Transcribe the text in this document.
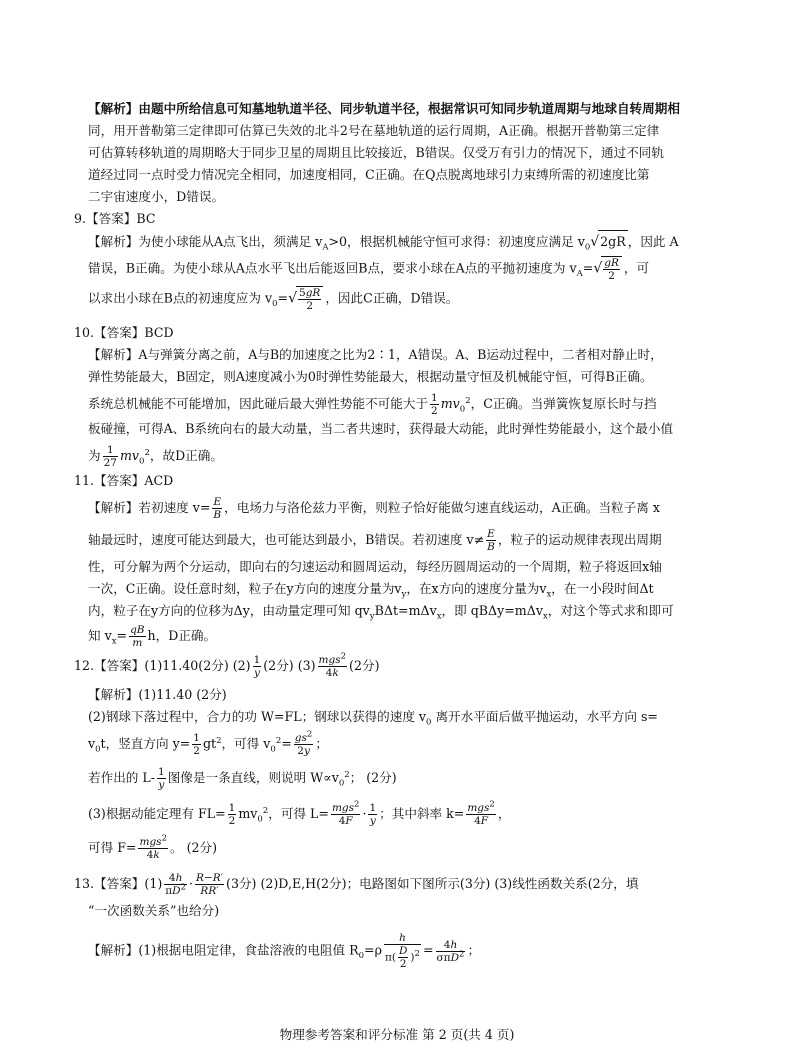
【解析】由题中所给信息可知墓地轨道半径、同步轨道半径，根据常识可知同步轨道周期与地球自转周期相
同，用开普勒第三定律即可估算已失效的北斗2号在墓地轨道的运行周期，A正确。根据开普勒第三定律
可估算转移轨道的周期略大于同步卫星的周期且比较接近，B错误。仅受万有引力的情况下，通过不同轨
道经过同一点时受力情况完全相同，加速度相同，C正确。在Q点脱离地球引力束缚所需的初速度比第
二宇宙速度小，D错误。
9.【答案】BC
【解析】为使小球能从A点飞出，须满足 $v_A>0$，根据机械能守恒可求得：初速度应满足 $v_0√2gR$ ，因此 A
错误，B正确。为使小球从A点水平飞出后能返回B点，要求小球在A点的平抛初速度为 $v_A=√ \frac{gR}{2}$ ，可
以求出小球在B点的初速度应为 $v_0=√ \frac{5gR}{2}$ ，因此C正确，D错误。
10.【答案】BCD
【解析】A与弹簧分离之前，A与B的加速度之比为2∶1，A错误。A、B运动过程中，二者相对静止时，
弹性势能最大，B固定，则A速度减小为0时弹性势能最大，根据动量守恒及机械能守恒，可得B正确。
系统总机械能不可能增加，因此碰后最大弹性势能不可能大于 $\frac{1}{2} mv_0^2$，C正确。当弹簧恢复原长时与挡
板碰撞，可得A、B系统向右的最大动量，当二者共速时，获得最大动能，此时弹性势能最小，这个最小值
为 $\frac{1}{27} mv_0^2$，故D正确。
11.【答案】ACD
【解析】若初速度 $v= \frac{E}{B}$ ，电场力与洛伦兹力平衡，则粒子恰好能做匀速直线运动，A正确。当粒子离 x
轴最远时，速度可能达到最大，也可能达到最小，B错误。若初速度 $v\ne \frac{E}{B}$ ，粒子的运动规律表现出周期
性，可分解为两个分运动，即向右的匀速运动和圆周运动，每经历圆周运动的一个周期，粒子将返回x轴
一次，C正确。设任意时刻，粒子在y方向的速度分量为$v_y$，在x方向的速度分量为$v_x$，在一小段时间Δt
内，粒子在y方向的位移为Δy，由动量定理可知 $qv_yB\Delta t=m\Delta v_x$，即 qBΔy=mΔv$_x$，对这个等式求和即可
知 $v_x= \frac{qB}{m}$ h，D正确。
12.【答案】(1)11.40(2分) $(2) \frac{1}{y} (2$分) (3) mgs$^2$
4k (2分)
【解析】(1)11.40 (2分)
(2)钢球下落过程中，合力的功 W=FL；钢球以获得的速度 $v_0$ 离开水平面后做平抛运动，水平方向 s=
$v_0t$，竖直方向 $y= \frac{1}{2} gt^2$，可得 $v_0^2= \frac{gs^2}{2y}$ ；
若作出的 $L- \frac{1}{y}$ 图像是一条直线，则说明 $W\propto v_0^2$； (2分)
(3)根据动能定理有 $FL= \frac{1}{2} mv_0^2$，可得 L= mgs$^2$
$4F \cdot \frac{1}{y}$ ；其中斜率 k= mgs$^2$
4F ，
可得 F= mgs$^2$
4k 。 (2分)
13.【答案】$(1) \frac{4h}{\pi D^2} \cdot \frac{R-R'}{RR'} (3$分) (2)D,E,H(2分)；电路图如下图所示(3分) (3)线性函数关系(2分，填
“一次函数关系”也给分)
【解析】(1)根据电阻定律，食盐溶液的电阻值 $R_0=\rho \frac{h}{\pi( \frac{D}{2} )^2} = 4h$
σπD$^2$ ；
物理参考答案和评分标准 第 2 页(共 4 页)
